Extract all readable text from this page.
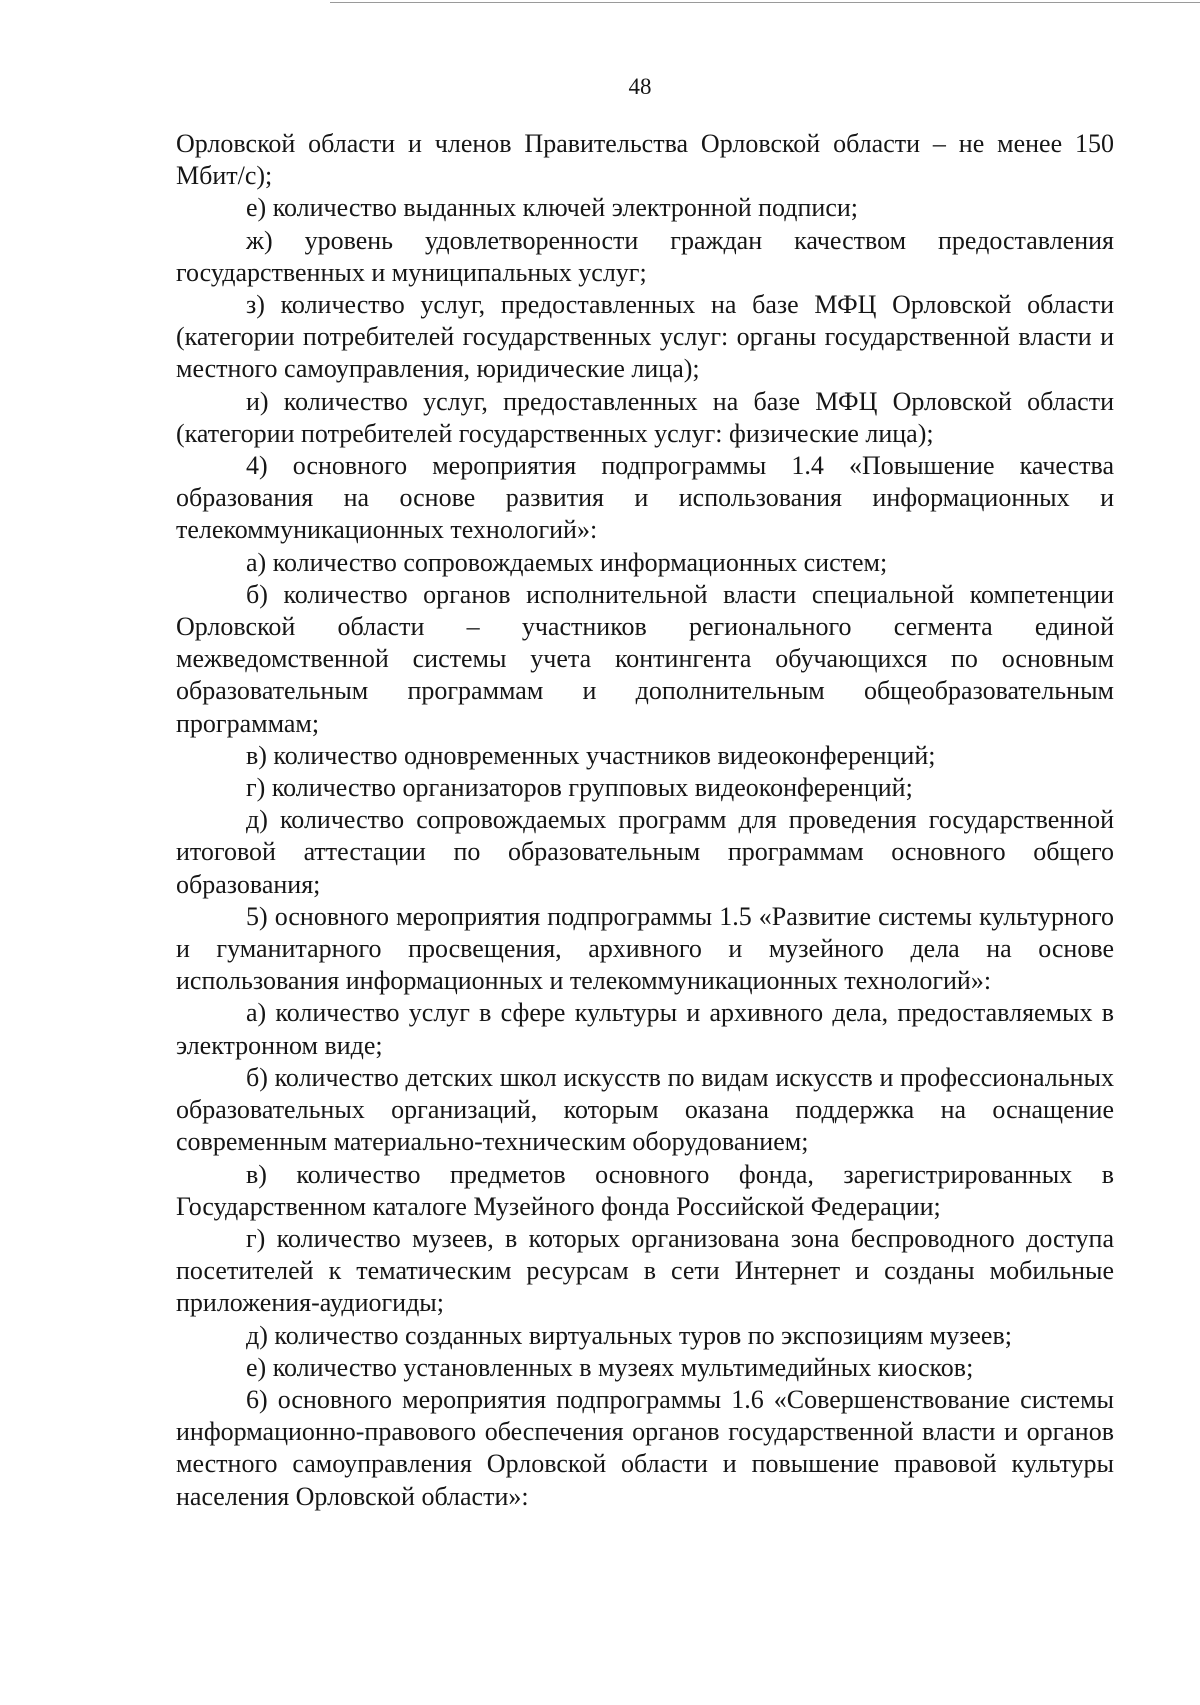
48

Орловской области и членов Правительства Орловской области – не менее 150 Мбит/с);

е) количество выданных ключей электронной подписи;

ж) уровень удовлетворенности граждан качеством предоставления государственных и муниципальных услуг;

з) количество услуг, предоставленных на базе МФЦ Орловской области (категории потребителей государственных услуг: органы государственной власти и местного самоуправления, юридические лица);

и) количество услуг, предоставленных на базе МФЦ Орловской области (категории потребителей государственных услуг: физические лица);

4) основного мероприятия подпрограммы 1.4 «Повышение качества образования на основе развития и использования информационных и телекоммуникационных технологий»:

а) количество сопровождаемых информационных систем;

б) количество органов исполнительной власти специальной компетенции Орловской области – участников регионального сегмента единой межведомственной системы учета контингента обучающихся по основным образовательным программам и дополнительным общеобразовательным программам;

в) количество одновременных участников видеоконференций;

г) количество организаторов групповых видеоконференций;

д) количество сопровождаемых программ для проведения государственной итоговой аттестации по образовательным программам основного общего образования;

5) основного мероприятия подпрограммы 1.5 «Развитие системы культурного и гуманитарного просвещения, архивного и музейного дела на основе использования информационных и телекоммуникационных технологий»:

а) количество услуг в сфере культуры и архивного дела, предоставляемых в электронном виде;

б) количество детских школ искусств по видам искусств и профессиональных образовательных организаций, которым оказана поддержка на оснащение современным материально-техническим оборудованием;

в) количество предметов основного фонда, зарегистрированных в Государственном каталоге Музейного фонда Российской Федерации;

г) количество музеев, в которых организована зона беспроводного доступа посетителей к тематическим ресурсам в сети Интернет и созданы мобильные приложения-аудиогиды;

д) количество созданных виртуальных туров по экспозициям музеев;

е) количество установленных в музеях мультимедийных киосков;

6) основного мероприятия подпрограммы 1.6 «Совершенствование системы информационно-правового обеспечения органов государственной власти и органов местного самоуправления Орловской области и повышение правовой культуры населения Орловской области»:
